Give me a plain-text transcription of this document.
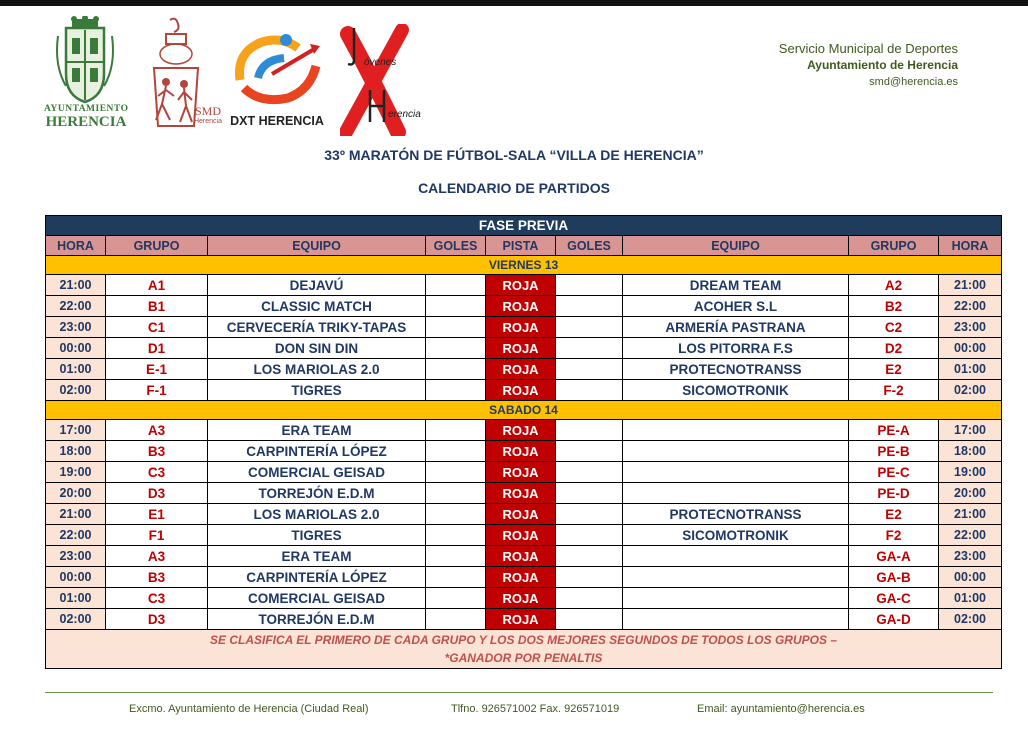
AYUNTAMIENTO
HERENCIA
SMD
Herencia DXT HERENCIA
óvenes
erencia
Servicio Municipal de Deportes
Ayuntamiento de Herencia
smd@herencia.es
33º MARATÓN DE FÚTBOL-SALA “VILLA DE HERENCIA”
CALENDARIO DE PARTIDOS
FASE PREVIA								
HORA	GRUPO	EQUIPO	GOLES	PISTA	GOLES	EQUIPO	GRUPO	HORA
VIERNES 13								
21:00	A1	DEJAVÚ		ROJA		DREAM TEAM	A2	21:00
22:00	B1	CLASSIC MATCH		ROJA		ACOHER S.L	B2	22:00
23:00	C1	CERVECERÍA TRIKY-TAPAS		ROJA		ARMERÍA PASTRANA	C2	23:00
00:00	D1	DON SIN DIN		ROJA		LOS PITORRA F.S	D2	00:00
01:00	E-1	LOS MARIOLAS 2.0		ROJA		PROTECNOTRANSS	E2	01:00
02:00	F-1	TIGRES		ROJA		SICOMOTRONIK	F-2	02:00
SABADO 14								
17:00	A3	ERA TEAM		ROJA			PE-A	17:00
18:00	B3	CARPINTERÍA LÓPEZ		ROJA			PE-B	18:00
19:00	C3	COMERCIAL GEISAD		ROJA			PE-C	19:00
20:00	D3	TORREJÓN E.D.M		ROJA			PE-D	20:00
21:00	E1	LOS MARIOLAS 2.0		ROJA		PROTECNOTRANSS	E2	21:00
22:00	F1	TIGRES		ROJA		SICOMOTRONIK	F2	22:00
23:00	A3	ERA TEAM		ROJA			GA-A	23:00
00:00	B3	CARPINTERÍA LÓPEZ		ROJA			GA-B	00:00
01:00	C3	COMERCIAL GEISAD		ROJA			GA-C	01:00
02:00	D3	TORREJÓN E.D.M		ROJA			GA-D	02:00

SE CLASIFICA EL PRIMERO DE CADA GRUPO Y LOS DOS MEJORES SEGUNDOS DE TODOS LOS GRUPOS –
*GANADOR POR PENALTIS								
Excmo. Ayuntamiento de Herencia (Ciudad Real)	Tlfno. 926571002 Fax. 926571019	Email: ayuntamiento@herencia.es
